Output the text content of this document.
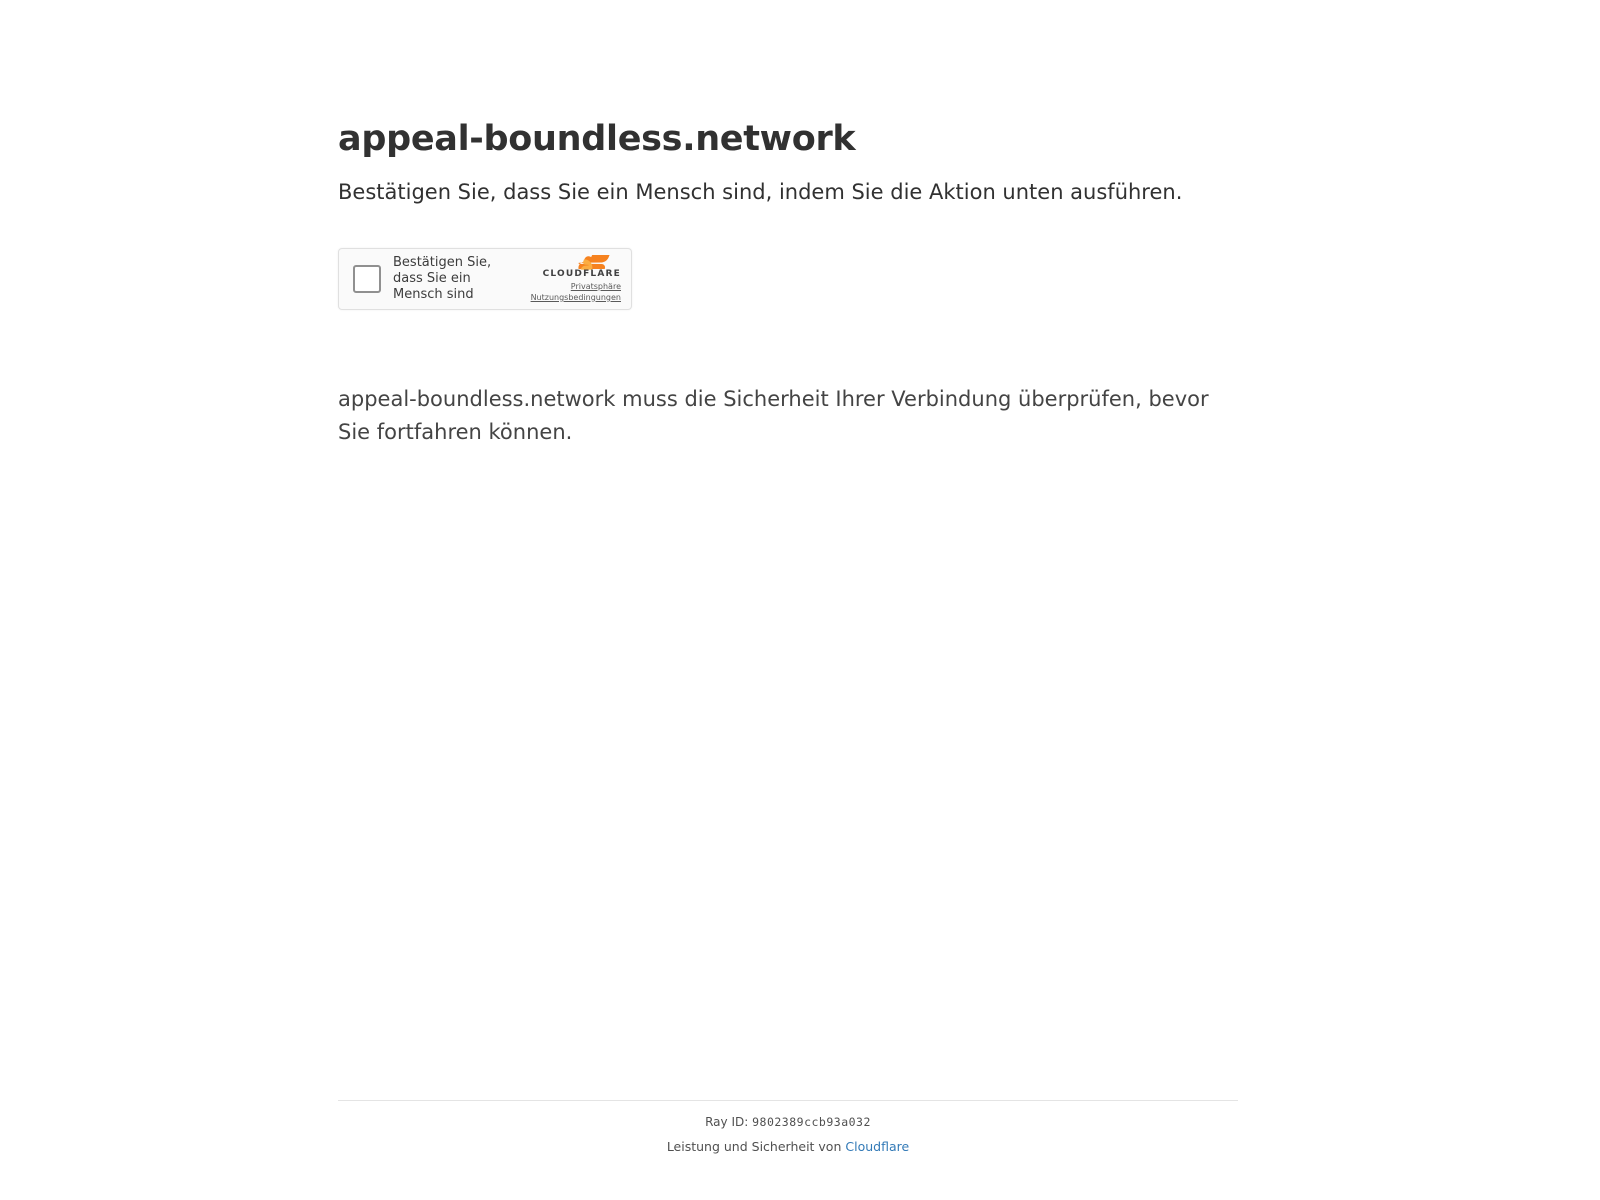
appeal-boundless.network
Bestätigen Sie, dass Sie ein Mensch sind, indem Sie die Aktion unten ausführen.
Bestätigen Sie, dass Sie ein Mensch sind
CLOUDFLARE
Privatsphäre
Nutzungsbedingungen
appeal-boundless.network muss die Sicherheit Ihrer Verbindung überprüfen, bevor Sie fortfahren können.
Ray ID: 9802389ccb93a032
Leistung und Sicherheit von Cloudflare
